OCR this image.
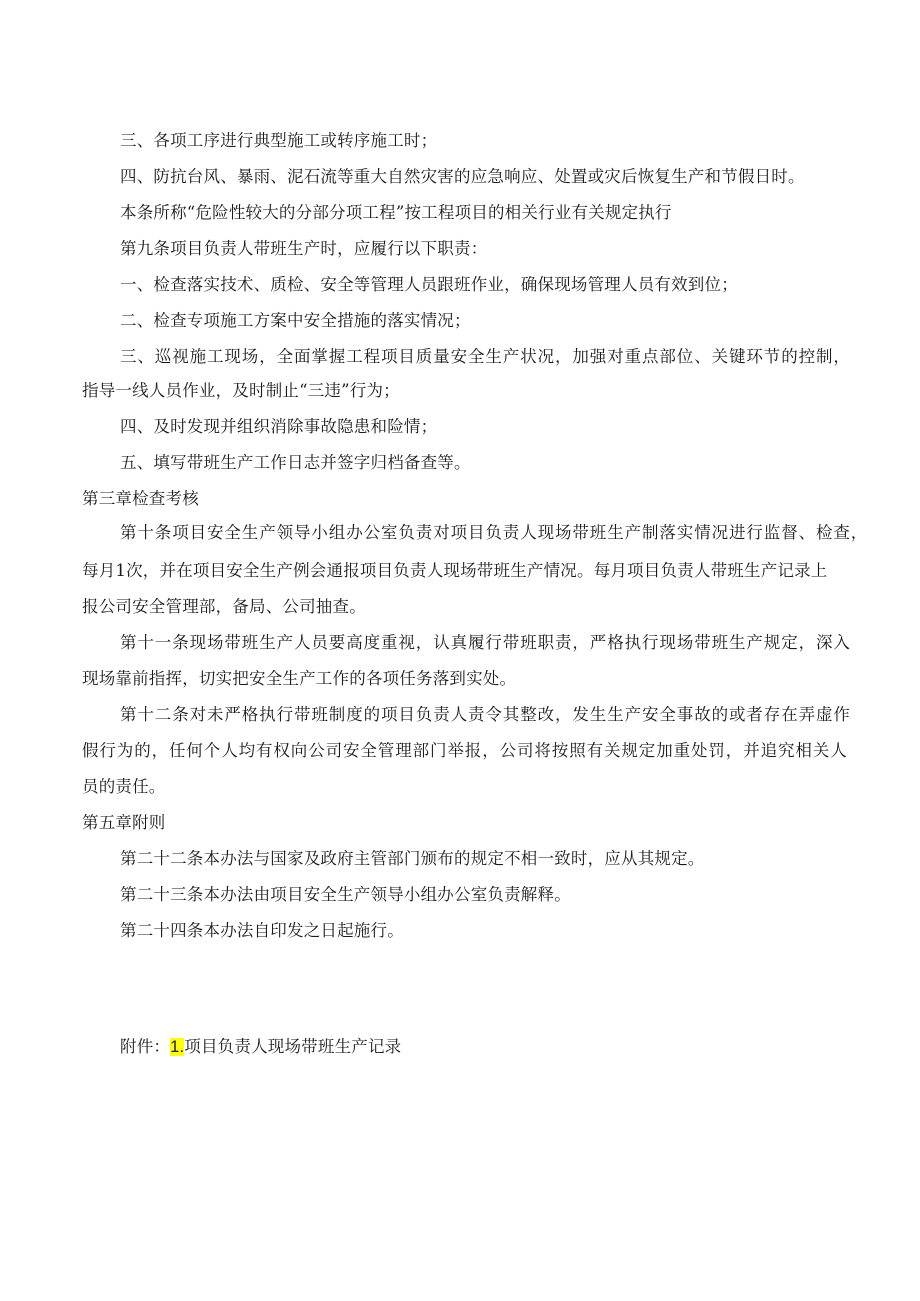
三、各项工序进行典型施工或转序施工时；
四、防抗台风、暴雨、泥石流等重大自然灾害的应急响应、处置或灾后恢复生产和节假日时。
本条所称“危险性较大的分部分项工程”按工程项目的相关行业有关规定执行
第九条项目负责人带班生产时，应履行以下职责：
一、检查落实技术、质检、安全等管理人员跟班作业，确保现场管理人员有效到位；
二、检查专项施工方案中安全措施的落实情况；
三、巡视施工现场，全面掌握工程项目质量安全生产状况，加强对重点部位、关键环节的控制，
指导一线人员作业，及时制止“三违”行为；
四、及时发现并组织消除事故隐患和险情；
五、填写带班生产工作日志并签字归档备查等。
第三章检查考核
第十条项目安全生产领导小组办公室负责对项目负责人现场带班生产制落实情况进行监督、检查，
每月1次，并在项目安全生产例会通报项目负责人现场带班生产情况。每月项目负责人带班生产记录上
报公司安全管理部，备局、公司抽查。
第十一条现场带班生产人员要高度重视，认真履行带班职责，严格执行现场带班生产规定，深入
现场靠前指挥，切实把安全生产工作的各项任务落到实处。
第十二条对未严格执行带班制度的项目负责人责令其整改，发生生产安全事故的或者存在弄虚作
假行为的，任何个人均有权向公司安全管理部门举报，公司将按照有关规定加重处罚，并追究相关人
员的责任。
第五章附则
第二十二条本办法与国家及政府主管部门颁布的规定不相一致时，应从其规定。
第二十三条本办法由项目安全生产领导小组办公室负责解释。
第二十四条本办法自印发之日起施行。
附件：1.项目负责人现场带班生产记录
